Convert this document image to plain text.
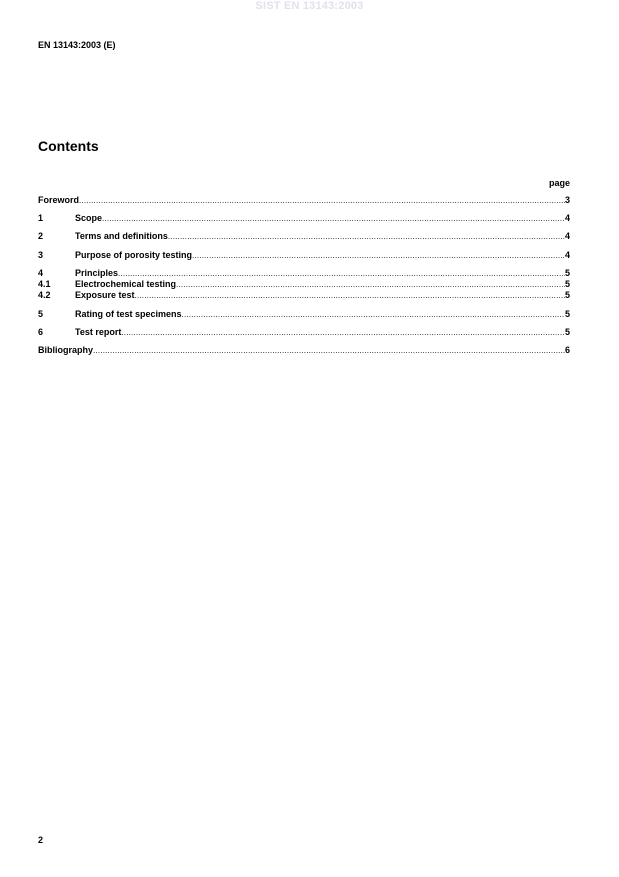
SIST EN 13143:2003
EN 13143:2003 (E)
Contents
page
Foreword .....	3
1	Scope .....	4
2	Terms and definitions .....	4
3	Purpose of porosity testing .....	4
4	Principles .....	5
4.1	Electrochemical testing .....	5
4.2	Exposure test .....	5
5	Rating of test specimens .....	5
6	Test report .....	5
Bibliography .....	6
2
